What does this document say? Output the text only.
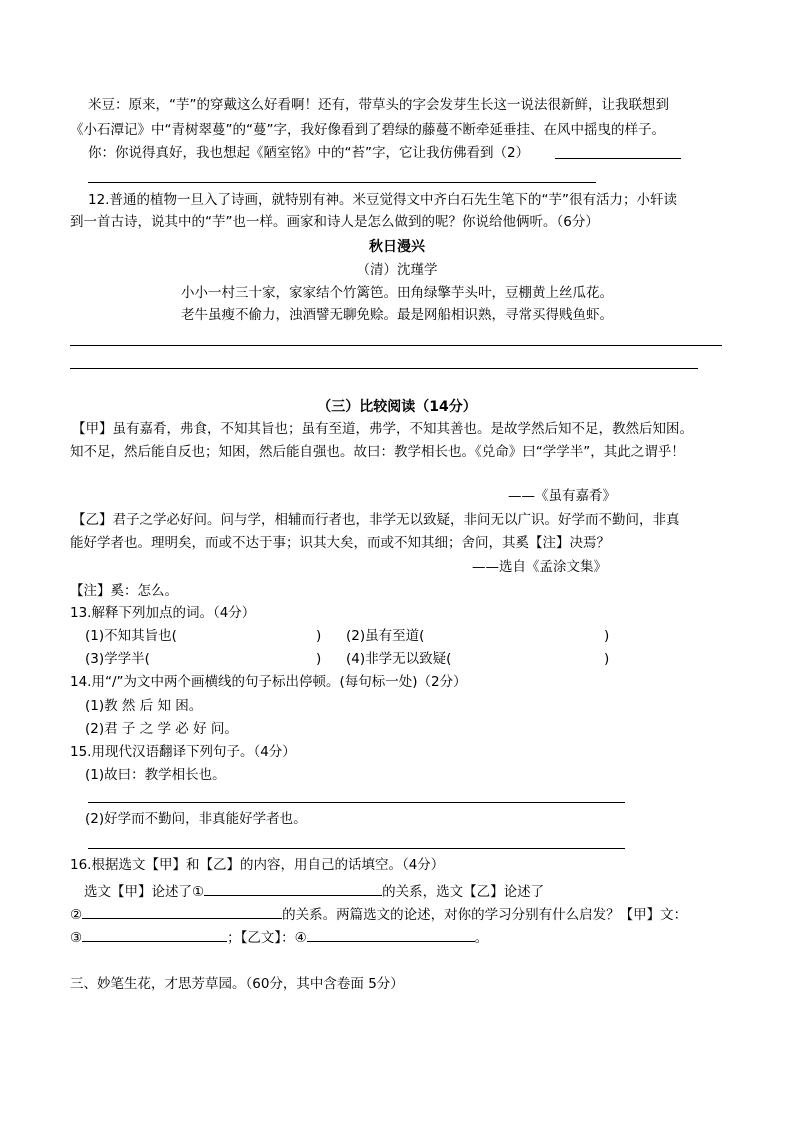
米豆：原来，“芋”的穿戴这么好看啊！还有，带草头的字会发芽生长这一说法很新鲜，让我联想到
《小石潭记》中“青树翠蔓”的“蔓”字，我好像看到了碧绿的藤蔓不断牵延垂挂、在风中摇曳的样子。
你：你说得真好，我也想起《陋室铭》中的“苔”字，它让我仿佛看到（2）
12.普通的植物一旦入了诗画，就特别有神。米豆觉得文中齐白石先生笔下的“芋”很有活力；小轩读
到一首古诗，说其中的“芋”也一样。画家和诗人是怎么做到的呢？你说给他俩听。（6分）
秋日漫兴
（清）沈瑾学
小小一村三十家，家家结个竹篱笆。田角绿擎芋头叶，豆棚黄上丝瓜花。
老牛虽瘦不偷力，浊酒譬无聊免赊。最是网船相识熟，寻常买得贱鱼虾。
（三）比较阅读（14分）
【甲】虽有嘉肴，弗食，不知其旨也；虽有至道，弗学，不知其善也。是故学然后知不足，教然后知困。
知不足，然后能自反也；知困，然后能自强也。故曰：教学相长也。《兑命》曰“学学半”，其此之谓乎！
——《虽有嘉肴》
【乙】君子之学必好问。问与学，相辅而行者也，非学无以致疑，非问无以广识。好学而不勤问，非真
能好学者也。理明矣，而或不达于事；识其大矣，而或不知其细；舍问，其奚【注】决焉？
——选自《孟涂文集》
【注】奚：怎么。
13.解释下列加点的词。（4分）
(1)不知其旨也(	) (2)虽有至道(	)
(3)学学半(	) (4)非学无以致疑(	)
14.用“/”为文中两个画横线的句子标出停顿。(每句标一处)（2分）
(1)教 然 后 知 困。
(2)君 子 之 学 必 好 问。
15.用现代汉语翻译下列句子。（4分）
(1)故曰：教学相长也。
(2)好学而不勤问，非真能好学者也。
16.根据选文【甲】和【乙】的内容，用自己的话填空。（4分）
选文【甲】论述了①	的关系，选文【乙】论述了
②	的关系。两篇选文的论述，对你的学习分别有什么启发？【甲】文：
③	；【乙文】：④	。
三、妙笔生花，才思芳草园。（60分，其中含卷面 5分）
